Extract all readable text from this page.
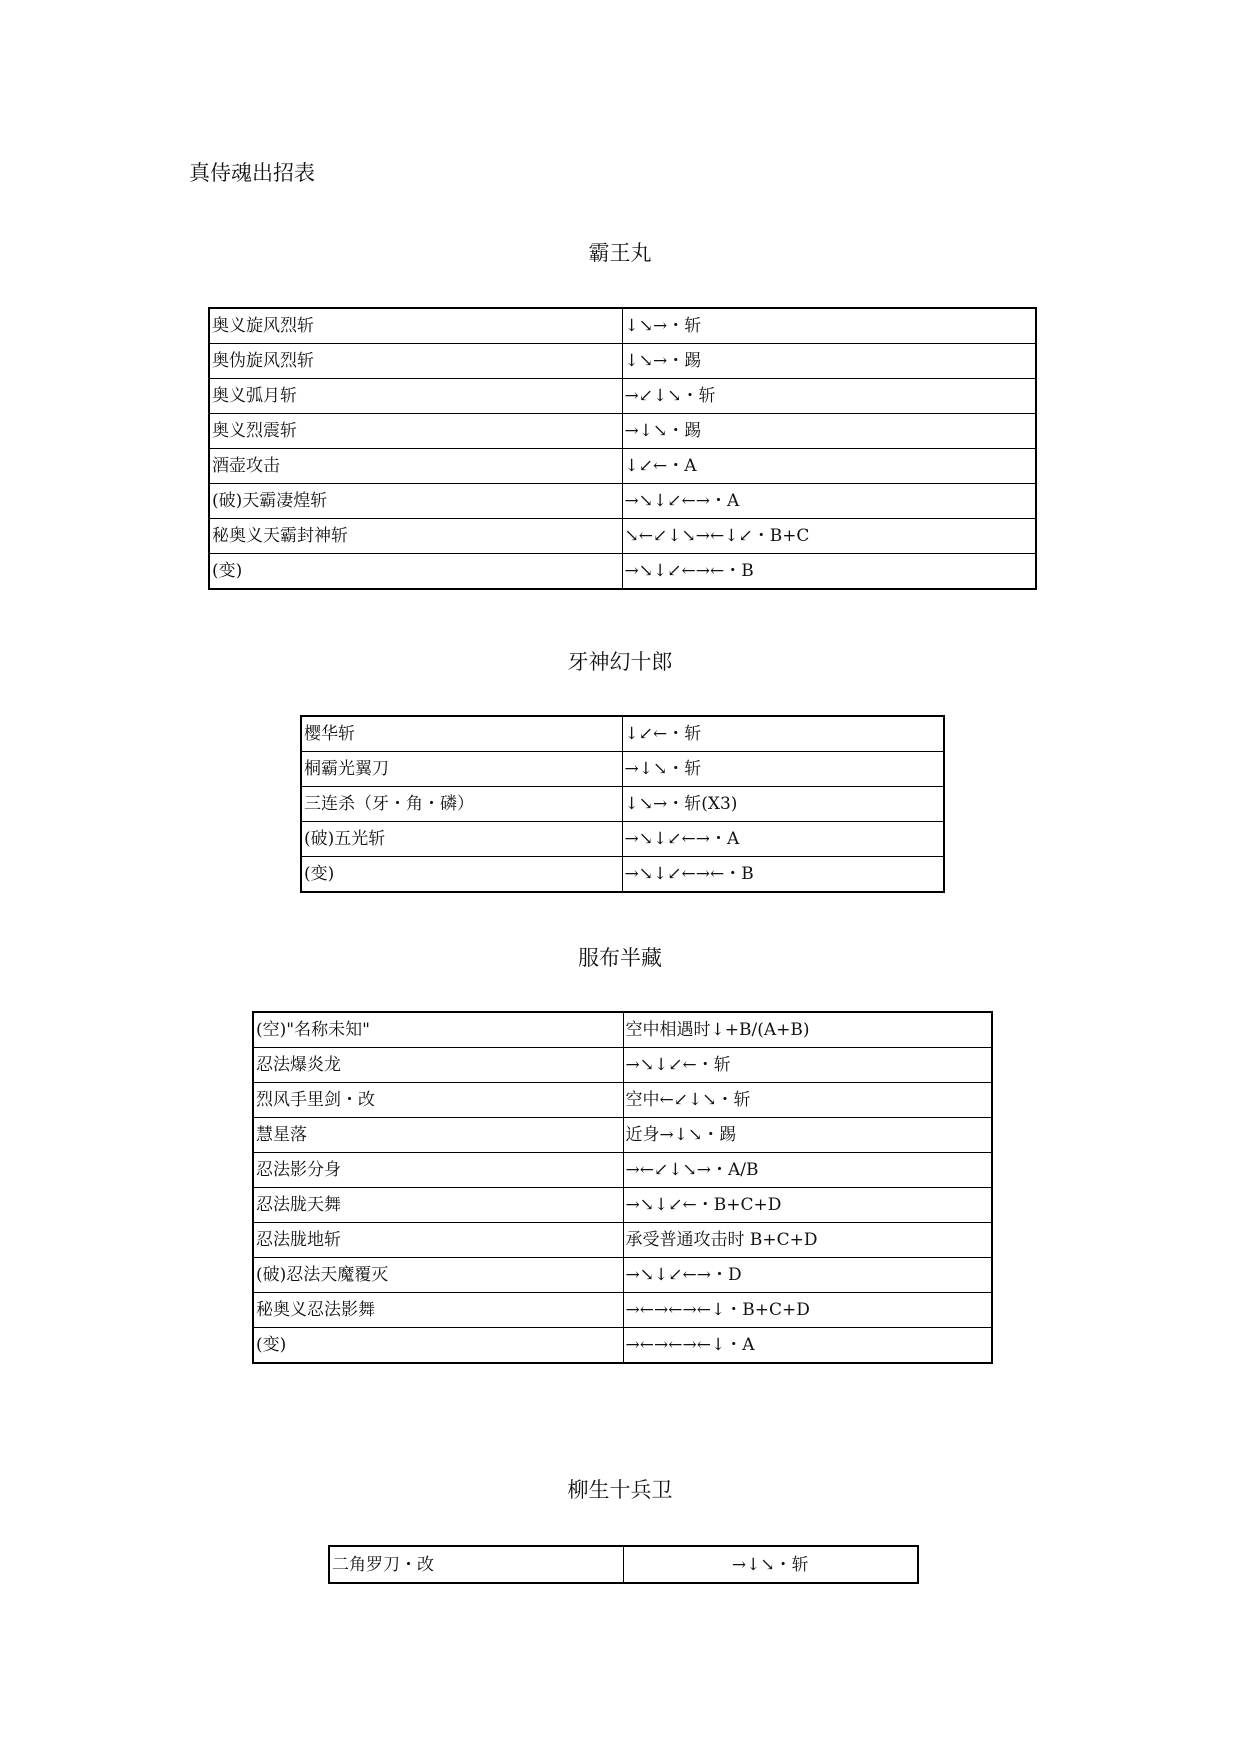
真侍魂出招表
霸王丸
奥义旋风烈斩	↓↘→・斩
奥伪旋风烈斩	↓↘→・踢
奥义弧月斩	→↙↓↘・斩
奥义烈震斩	→↓↘・踢
酒壶攻击	↓↙←・A
(破)天霸凄煌斩	→↘↓↙←→・A
秘奥义天霸封神斩	↘←↙↓↘→←↓↙・B+C
(变)	→↘↓↙←→←・B
牙神幻十郎
樱华斩	↓↙←・斩
桐霸光翼刀	→↓↘・斩
三连杀（牙・角・磷）	↓↘→・斩(X3)
(破)五光斩	→↘↓↙←→・A
(变)	→↘↓↙←→←・B
服布半藏
(空)"名称未知"	空中相遇时↓+B/(A+B)
忍法爆炎龙	→↘↓↙←・斩
烈风手里剑・改	空中←↙↓↘・斩
慧星落	近身→↓↘・踢
忍法影分身	→←↙↓↘→・A/B
忍法胧天舞	→↘↓↙←・B+C+D
忍法胧地斩	承受普通攻击时 B+C+D
(破)忍法天魔覆灭	→↘↓↙←→・D
秘奥义忍法影舞	→←→←→←↓・B+C+D
(变)	→←→←→←↓・A
柳生十兵卫
二角罗刀・改	→↓↘・斩
